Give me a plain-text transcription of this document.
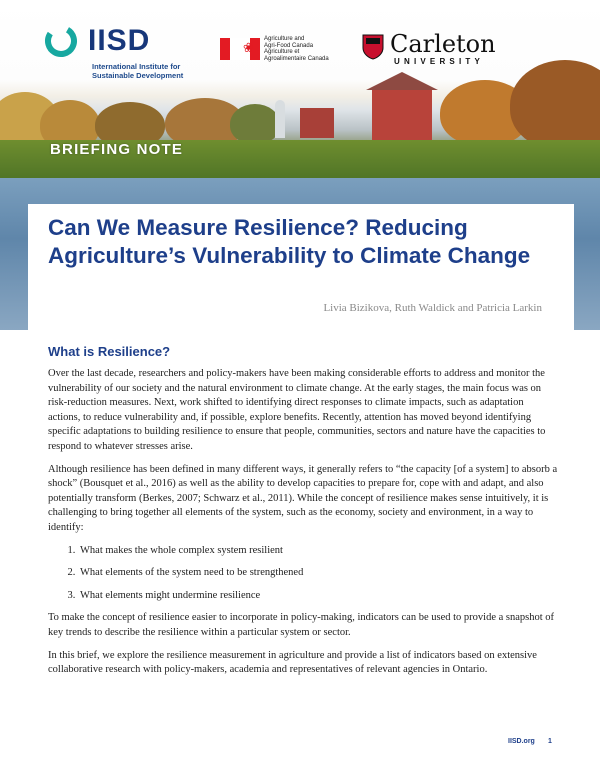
IISD
International Institute for Sustainable Development
❀
Agriculture and
Agri-Food Canada
Agriculture et
Agroalimentaire Canada
Carleton
UNIVERSITY
BRIEFING NOTE
Can We Measure Resilience? Reducing Agriculture’s Vulnerability to Climate Change
Livia Bizikova, Ruth Waldick and Patricia Larkin
What is Resilience?

Over the last decade, researchers and policy-makers have been making considerable efforts to address and monitor the vulnerability of our society and the natural environment to climate change. At the early stages, the main focus was on risk-reduction measures. Next, work shifted to identifying direct responses to climate impacts, such as adaptation actions, to reduce vulnerability and, if possible, explore benefits. Recently, attention has moved beyond identifying specific adaptations to building resilience to ensure that people, communities, sectors and nature have the capacities to respond to whatever stresses arise.

Although resilience has been defined in many different ways, it generally refers to “the capacity [of a system] to absorb a shock” (Bousquet et al., 2016) as well as the ability to develop capacities to prepare for, cope with and adapt, and also potentially transform (Berkes, 2007; Schwarz et al., 2011). While the concept of resilience makes sense intuitively, it is challenging to bring together all elements of the system, such as the economy, society and environment, in a way to identify:

1. What makes the whole complex system resilient
2. What elements of the system need to be strengthened
3. What elements might undermine resilience

To make the concept of resilience easier to incorporate in policy-making, indicators can be used to provide a snapshot of key trends to describe the resilience within a particular system or sector.

In this brief, we explore the resilience measurement in agriculture and provide a list of indicators based on extensive collaborative research with policy-makers, academia and representatives of relevant agencies in Ontario.

IISD.org 1
